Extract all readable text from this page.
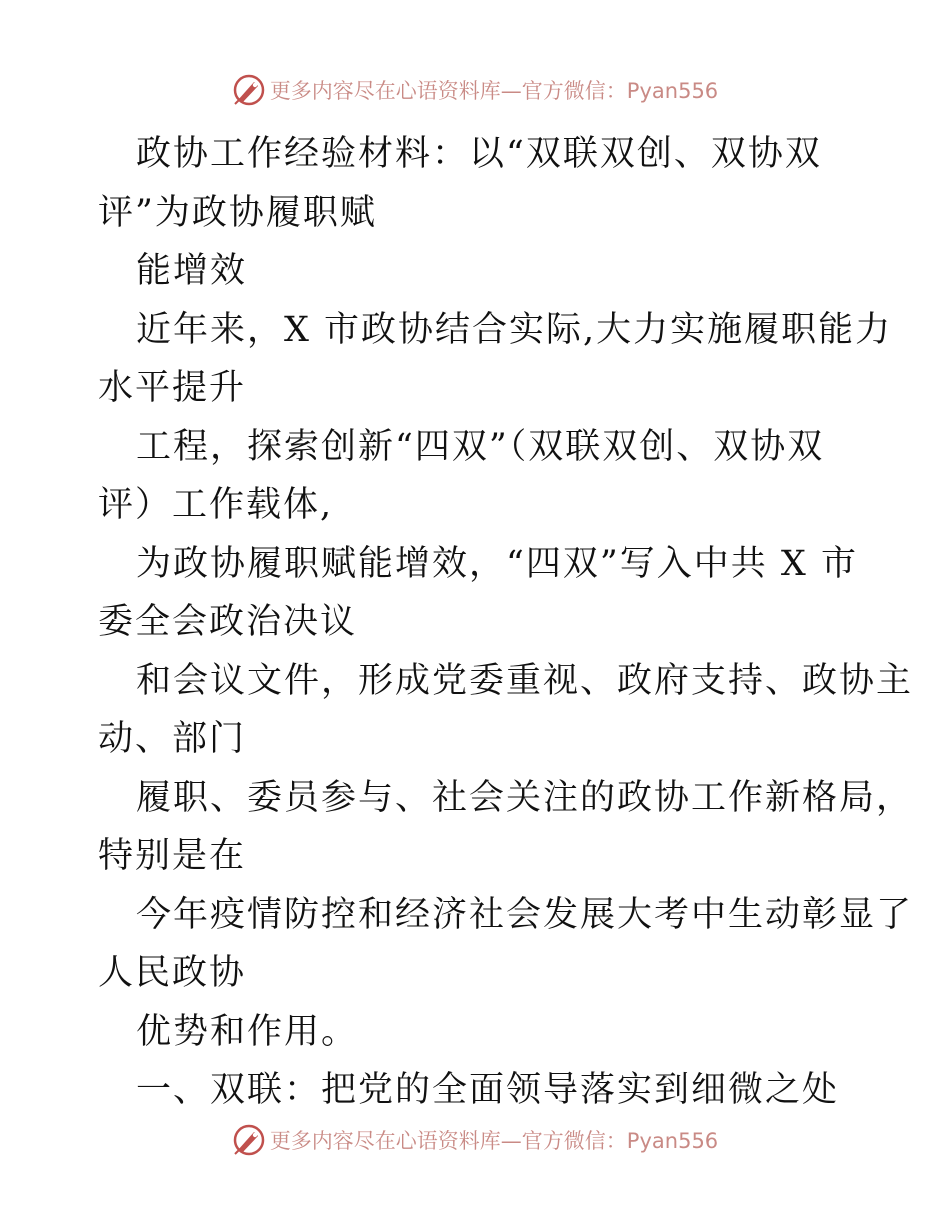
更多内容尽在心语资料库—官方微信：Pyan556
政协工作经验材料：以“双联双创、双协双
评”为政协履职赋
能增效
近年来，X 市政协结合实际,大力实施履职能力
水平提升
工程，探索创新“四双”（双联双创、双协双
评）工作载体,
为政协履职赋能增效，“四双”写入中共 X 市
委全会政治决议
和会议文件，形成党委重视、政府支持、政协主
动、部门
履职、委员参与、社会关注的政协工作新格局，
特别是在
今年疫情防控和经济社会发展大考中生动彰显了
人民政协
优势和作用。
一、双联：把党的全面领导落实到细微之处
更多内容尽在心语资料库—官方微信：Pyan556
